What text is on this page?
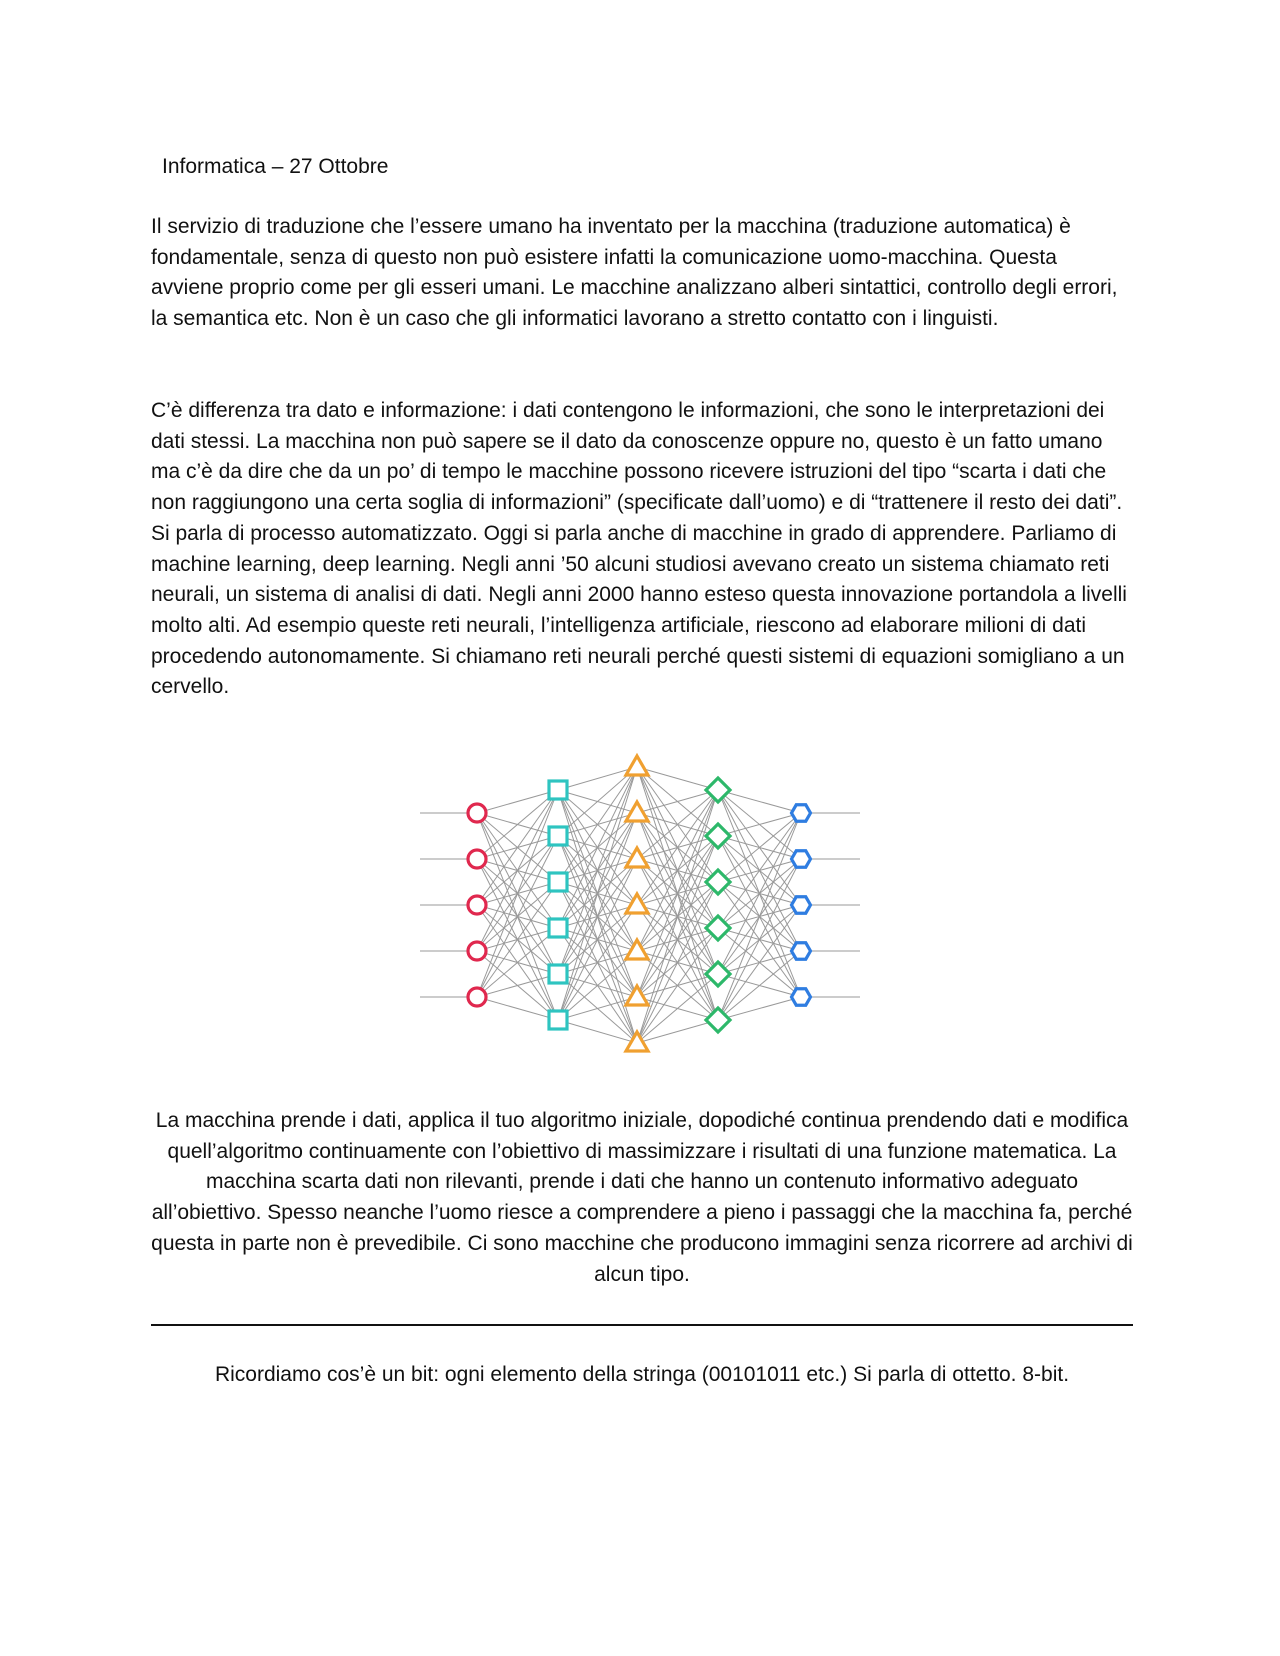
Informatica – 27 Ottobre

Il servizio di traduzione che l’essere umano ha inventato per la macchina (traduzione automatica) è fondamentale, senza di questo non può esistere infatti la comunicazione uomo-macchina. Questa avviene proprio come per gli esseri umani. Le macchine analizzano alberi sintattici, controllo degli errori, la semantica etc. Non è un caso che gli informatici lavorano a stretto contatto con i linguisti.

C’è differenza tra dato e informazione: i dati contengono le informazioni, che sono le interpretazioni dei dati stessi. La macchina non può sapere se il dato da conoscenze oppure no, questo è un fatto umano ma c’è da dire che da un po’ di tempo le macchine possono ricevere istruzioni del tipo “scarta i dati che non raggiungono una certa soglia di informazioni” (specificate dall’uomo) e di “trattenere il resto dei dati”. Si parla di processo automatizzato. Oggi si parla anche di macchine in grado di apprendere. Parliamo di machine learning, deep learning. Negli anni ’50 alcuni studiosi avevano creato un sistema chiamato reti neurali, un sistema di analisi di dati. Negli anni 2000 hanno esteso questa innovazione portandola a livelli molto alti. Ad esempio queste reti neurali, l’intelligenza artificiale, riescono ad elaborare milioni di dati procedendo autonomamente. Si chiamano reti neurali perché questi sistemi di equazioni somigliano a un cervello.

La macchina prende i dati, applica il tuo algoritmo iniziale, dopodiché continua prendendo dati e modifica quell’algoritmo continuamente con l’obiettivo di massimizzare i risultati di una funzione matematica. La macchina scarta dati non rilevanti, prende i dati che hanno un contenuto informativo adeguato all’obiettivo. Spesso neanche l’uomo riesce a comprendere a pieno i passaggi che la macchina fa, perché questa in parte non è prevedibile. Ci sono macchine che producono immagini senza ricorrere ad archivi di alcun tipo.

Ricordiamo cos’è un bit: ogni elemento della stringa (00101011 etc.) Si parla di ottetto. 8-bit.
